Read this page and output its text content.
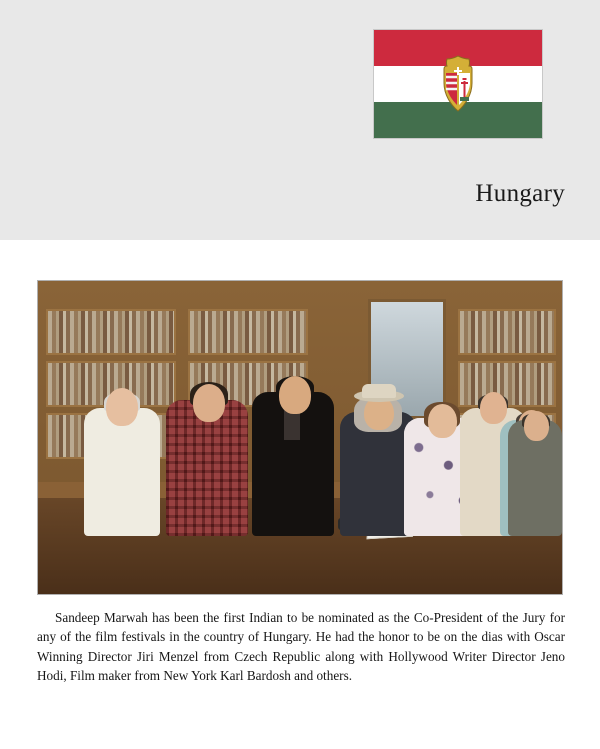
Hungary
Sandeep Marwah has been the first Indian to be nominated as the Co-President of the Jury for any of the film festivals in the country of Hungary. He had the honor to be on the dias with Oscar Winning Director Jiri Menzel from Czech Republic along with Hollywood Writer Director Jeno Hodi, Film maker from New York Karl Bardosh and others.
